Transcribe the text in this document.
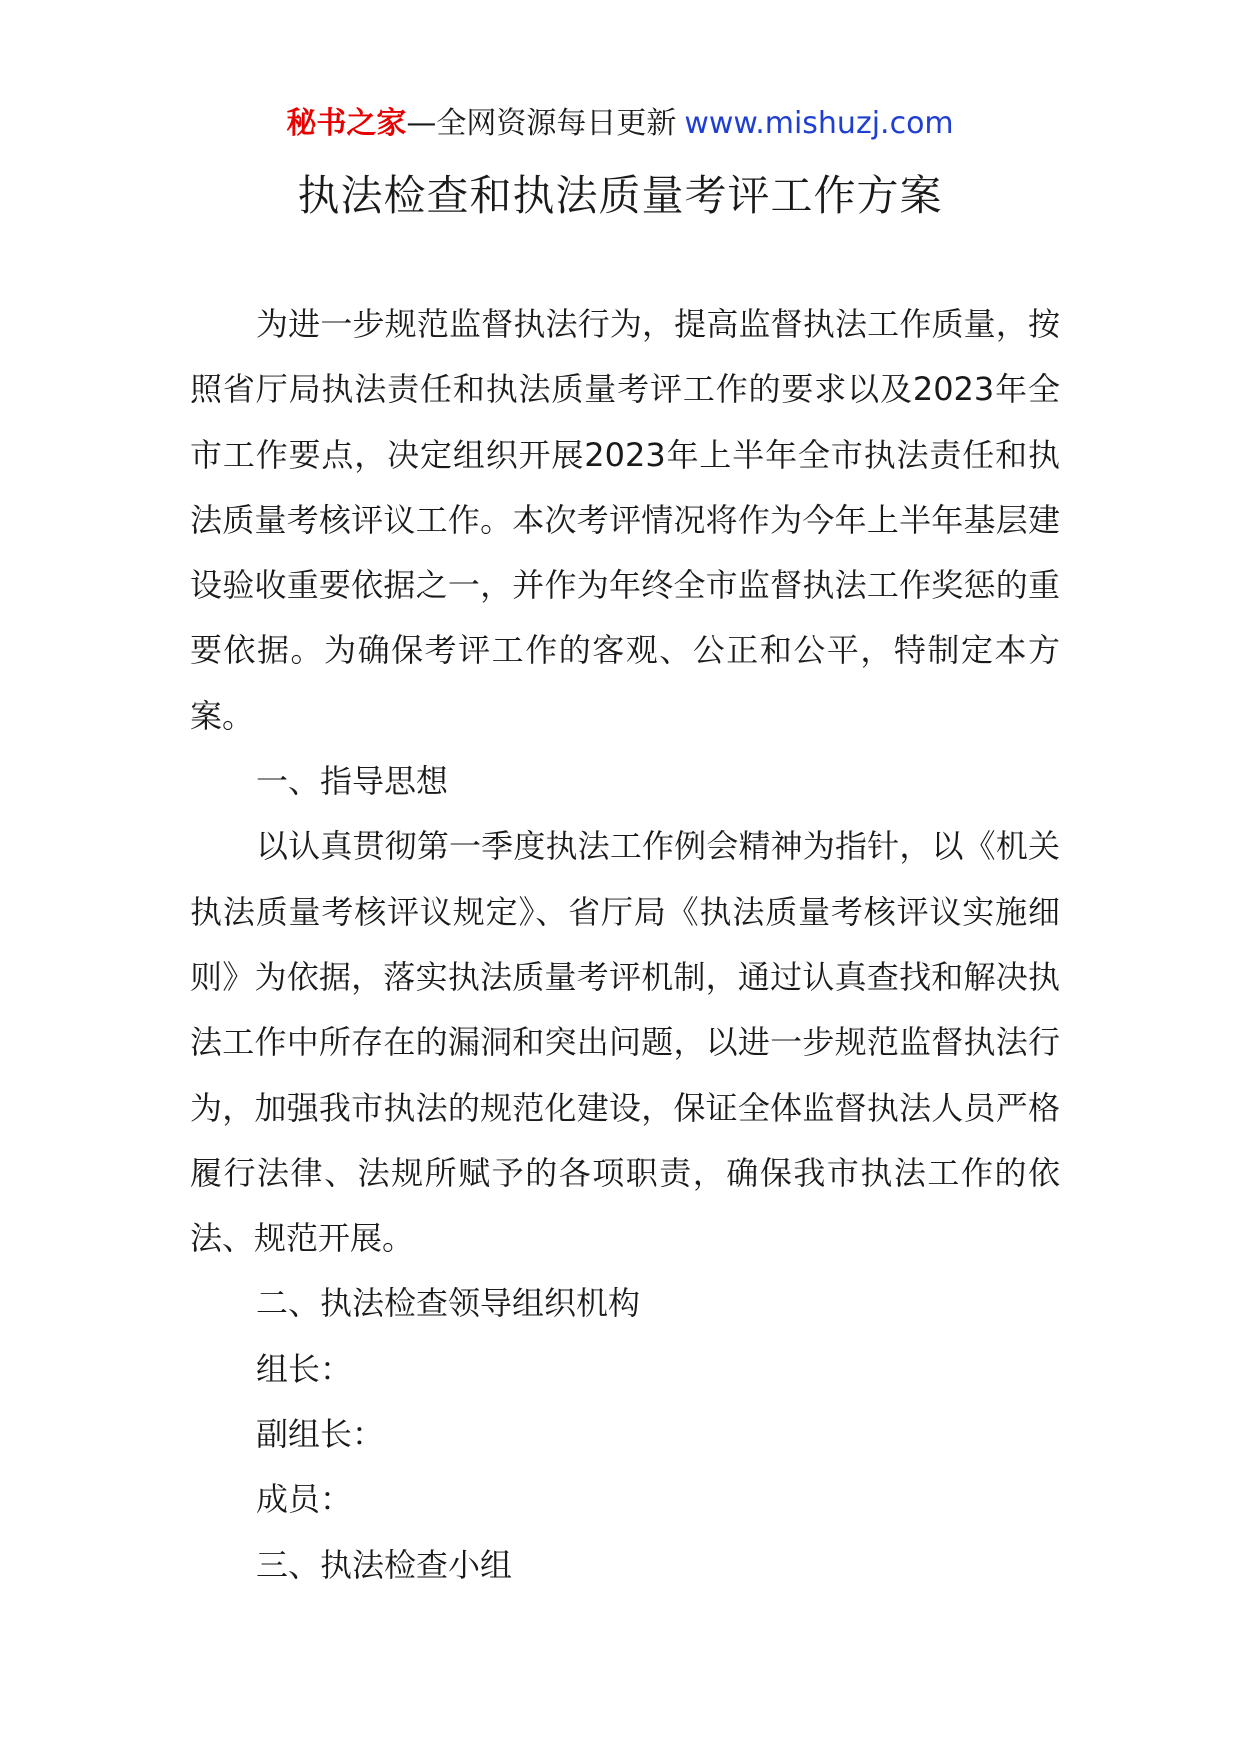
秘书之家—全网资源每日更新 www.mishuzj.com
执法检查和执法质量考评工作方案

为进一步规范监督执法行为，提高监督执法工作质量，按照省厅局执法责任和执法质量考评工作的要求以及2023年全市工作要点，决定组织开展2023年上半年全市执法责任和执法质量考核评议工作。本次考评情况将作为今年上半年基层建设验收重要依据之一，并作为年终全市监督执法工作奖惩的重要依据。为确保考评工作的客观、公正和公平，特制定本方案。

一、指导思想

以认真贯彻第一季度执法工作例会精神为指针，以《机关执法质量考核评议规定》、省厅局《执法质量考核评议实施细则》为依据，落实执法质量考评机制，通过认真查找和解决执法工作中所存在的漏洞和突出问题，以进一步规范监督执法行为，加强我市执法的规范化建设，保证全体监督执法人员严格履行法律、法规所赋予的各项职责，确保我市执法工作的依法、规范开展。

二、执法检查领导组织机构

组长：

副组长：

成员：

三、执法检查小组
